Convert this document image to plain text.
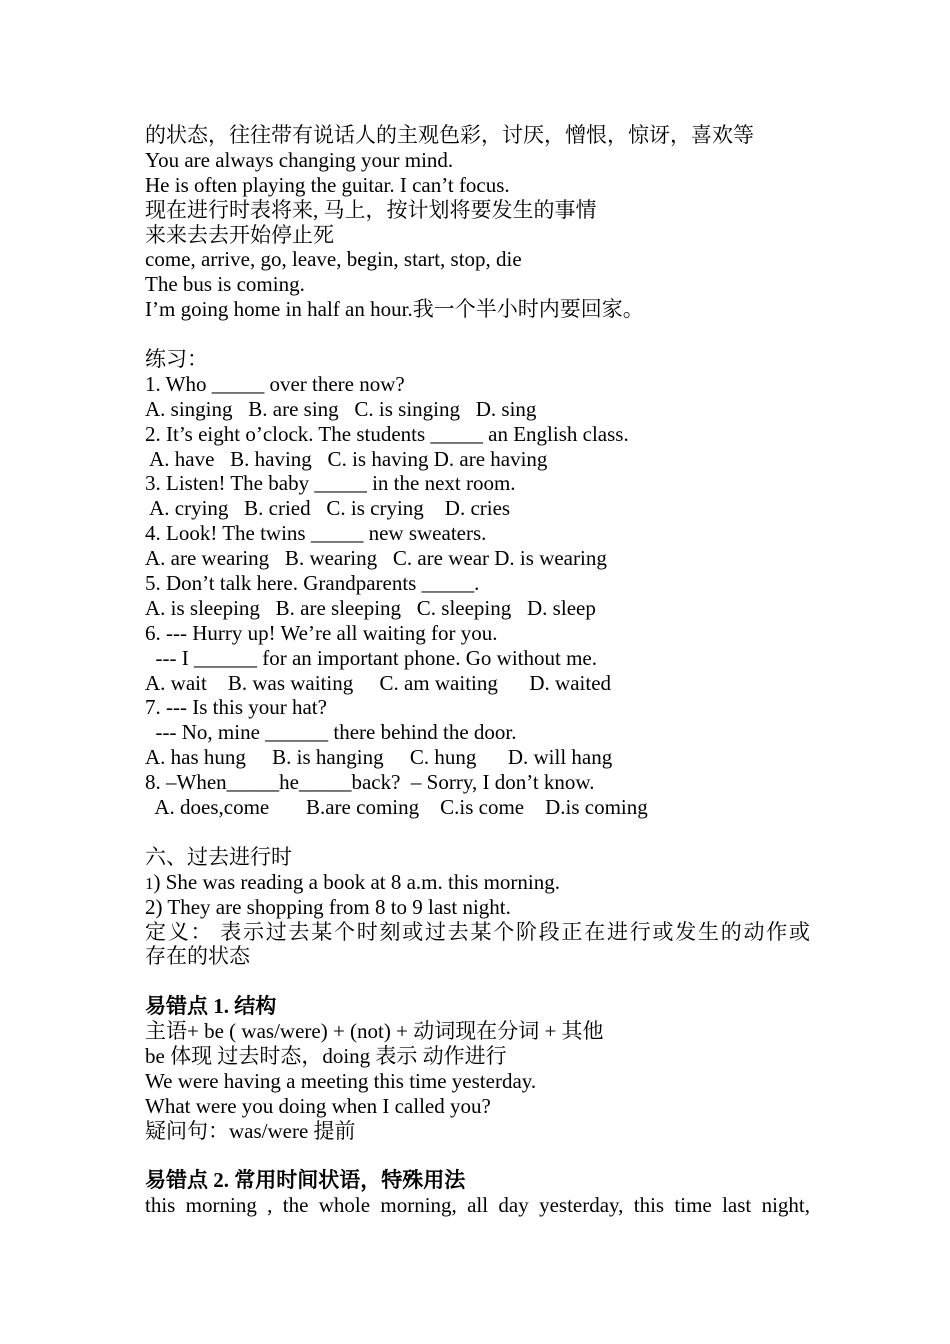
的状态，往往带有说话人的主观色彩，讨厌，憎恨，惊讶，喜欢等
You are always changing your mind.
He is often playing the guitar. I can’t focus.
现在进行时表将来, 马上，按计划将要发生的事情
来来去去开始停止死
come, arrive, go, leave, begin, start, stop, die
The bus is coming.
I’m going home in half an hour.我一个半小时内要回家。
练习：
1. Who _____ over there now?
A. singing   B. are sing   C. is singing   D. sing
2. It’s eight o’clock. The students _____ an English class.
A. have   B. having   C. is having D. are having
3. Listen! The baby _____ in the next room.
A. crying   B. cried   C. is crying    D. cries
4. Look! The twins _____ new sweaters.
A. are wearing   B. wearing   C. are wear D. is wearing
5. Don’t talk here. Grandparents _____.
A. is sleeping   B. are sleeping   C. sleeping   D. sleep
6. --- Hurry up! We’re all waiting for you.
--- I ______ for an important phone. Go without me.
A. wait    B. was waiting     C. am waiting      D. waited
7. --- Is this your hat?
--- No, mine ______ there behind the door.
A. has hung     B. is hanging     C. hung      D. will hang
8. –When_____he_____back?  – Sorry, I don’t know.
A. does,come       B.are coming    C.is come    D.is coming
六、过去进行时
1) She was reading a book at 8 a.m. this morning.
2) They are shopping from 8 to 9 last night.
定义： 表示过去某个时刻或过去某个阶段正在进行或发生的动作或
存在的状态
易错点 1. 结构
主语+ be ( was/were) + (not) + 动词现在分词 + 其他
be 体现 过去时态，doing 表示 动作进行
We were having a meeting this time yesterday.
What were you doing when I called you?
疑问句：was/were 提前
易错点 2. 常用时间状语，特殊用法
this morning , the whole morning, all day yesterday, this time last night,
